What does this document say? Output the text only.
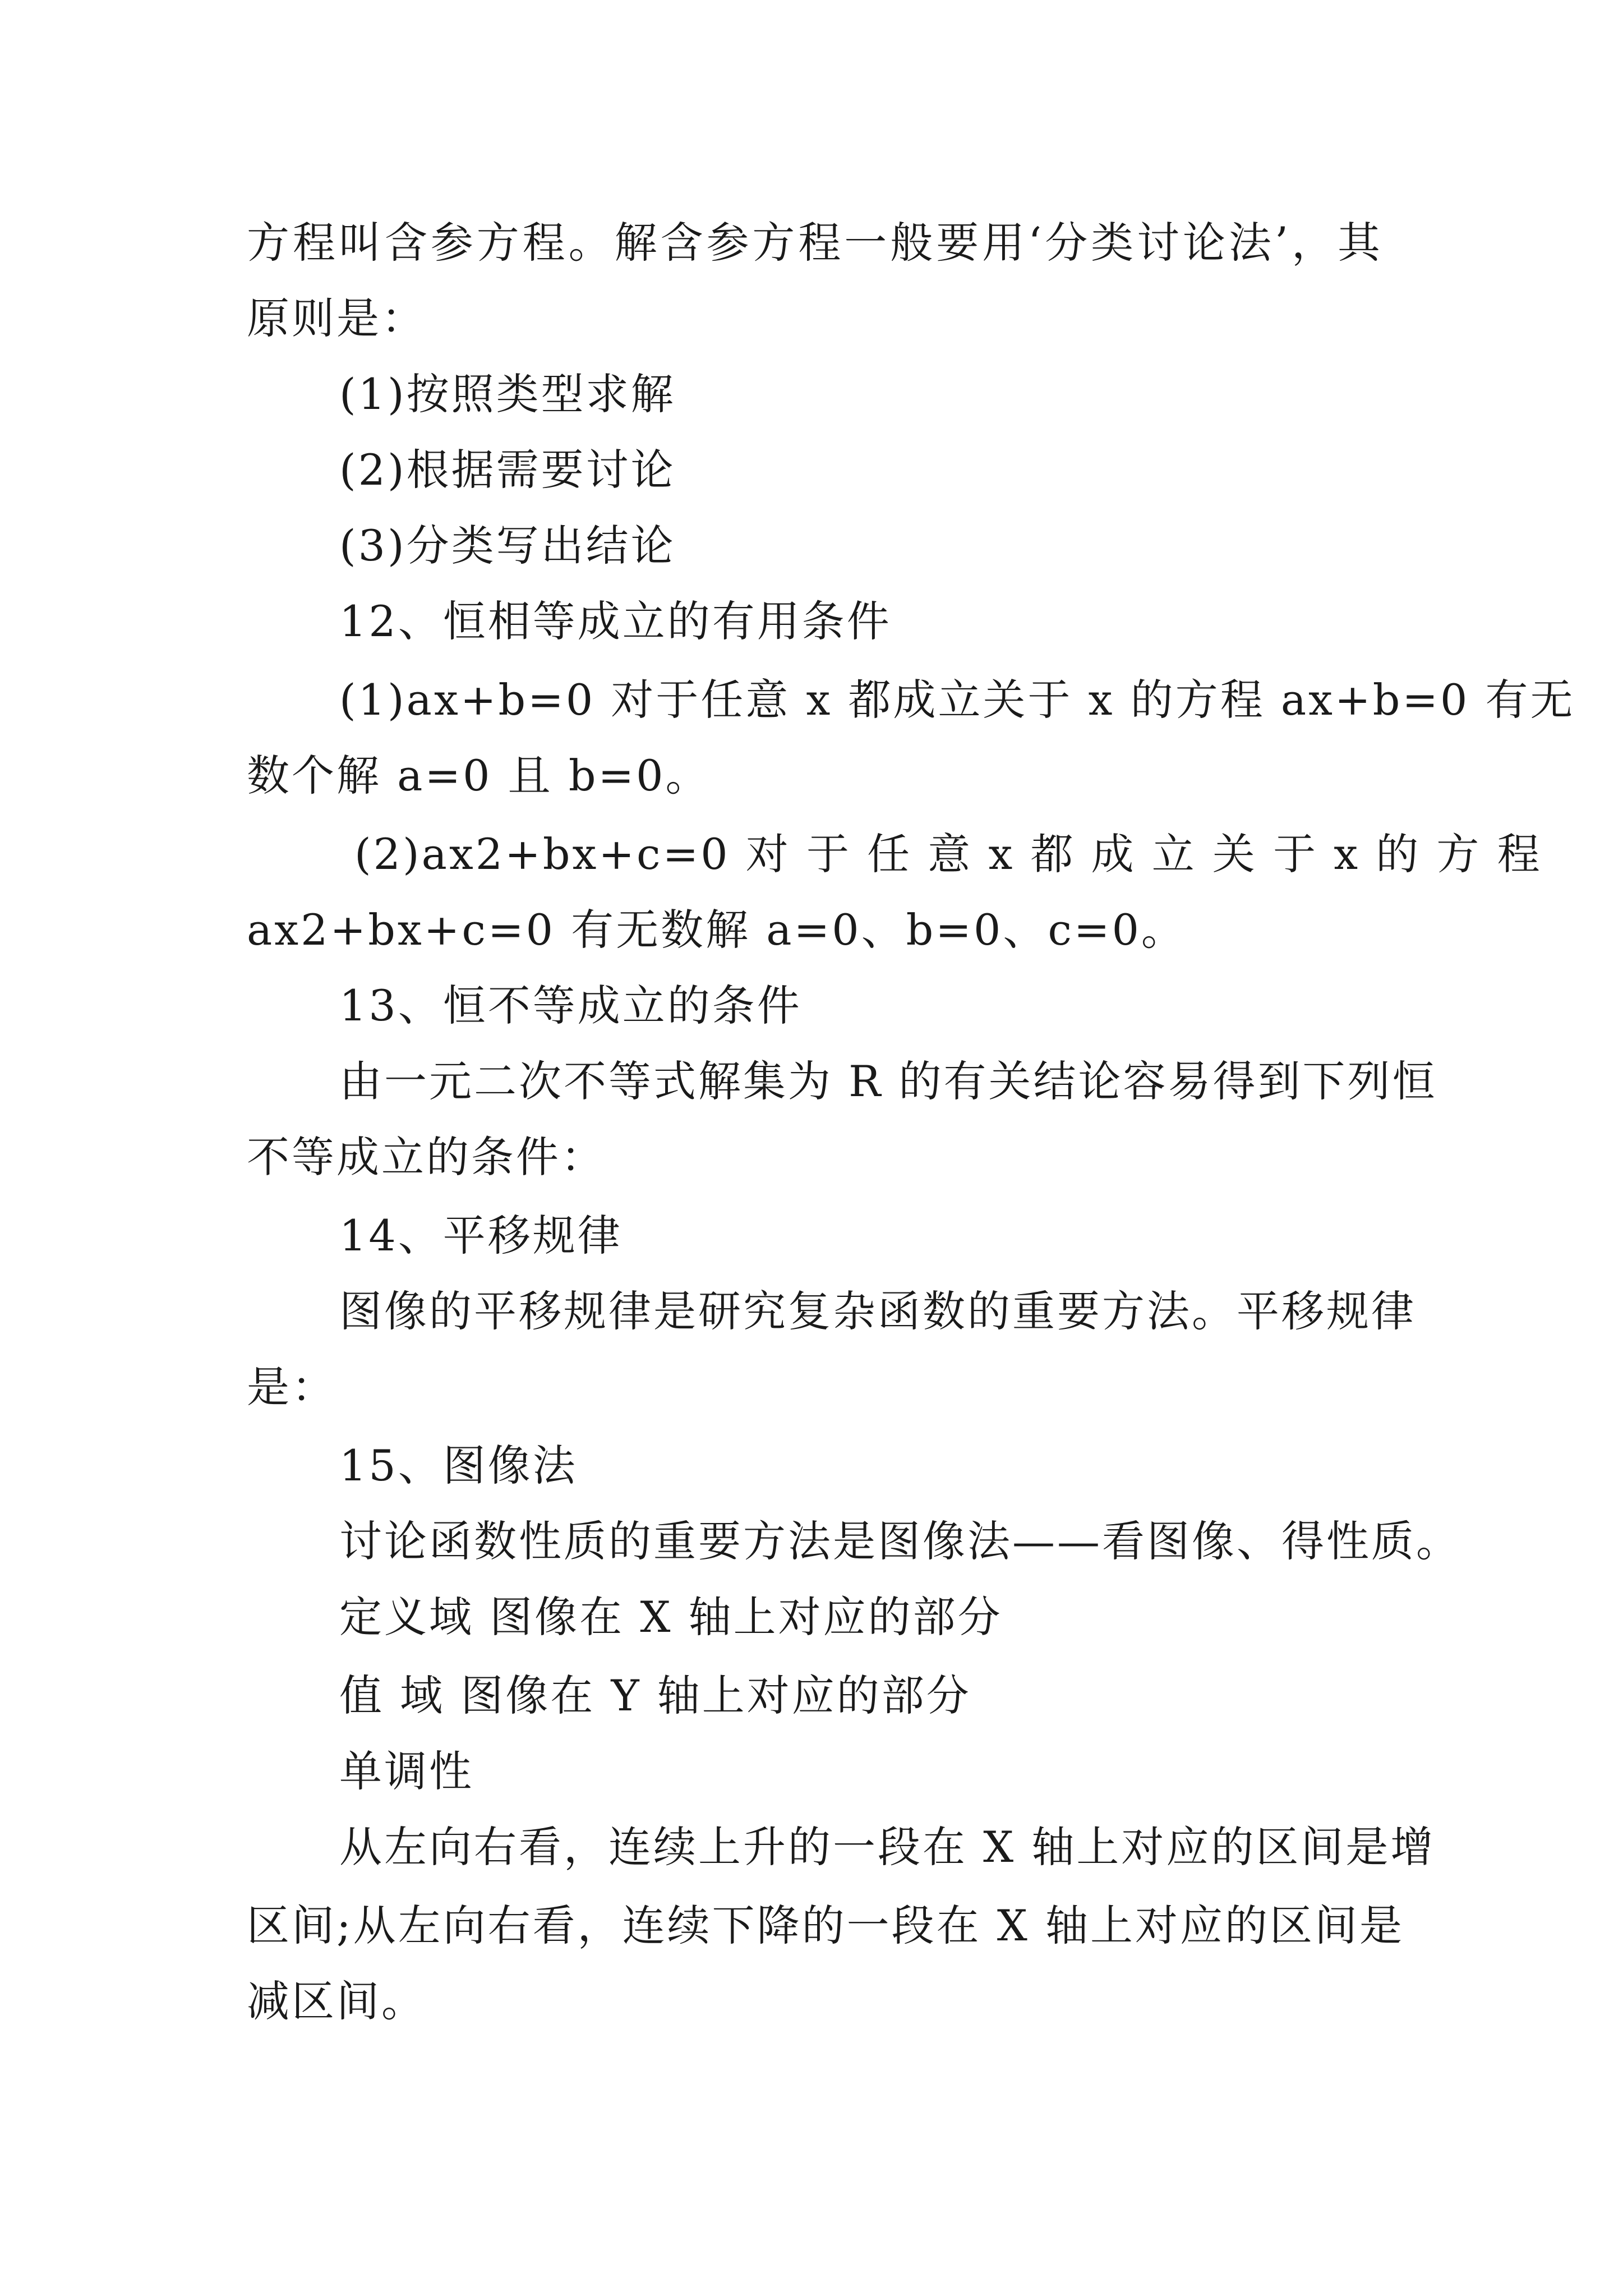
方程叫含参方程。解含参方程一般要用‘分类讨论法’，其
原则是：
(1)按照类型求解
(2)根据需要讨论
(3)分类写出结论
12、恒相等成立的有用条件
(1)ax+b=0 对于任意 x 都成立关于 x 的方程 ax+b=0 有无
数个解 a=0 且 b=0。
(2)ax2+bx+c=0 对 于 任 意 x 都 成 立 关 于 x 的 方 程
ax2+bx+c=0 有无数解 a=0、b=0、c=0。
13、恒不等成立的条件
由一元二次不等式解集为 R 的有关结论容易得到下列恒
不等成立的条件：
14、平移规律
图像的平移规律是研究复杂函数的重要方法。平移规律
是：
15、图像法
讨论函数性质的重要方法是图像法——看图像、得性质。
定义域 图像在 X 轴上对应的部分
值 域 图像在 Y 轴上对应的部分
单调性
从左向右看，连续上升的一段在 X 轴上对应的区间是增
区间;从左向右看，连续下降的一段在 X 轴上对应的区间是
减区间。
